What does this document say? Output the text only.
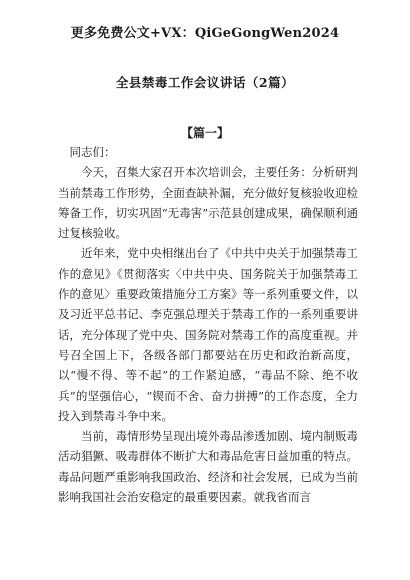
更多免费公文+VX：QiGeGongWen2024
全县禁毒工作会议讲话（2篇）
【篇一】

同志们：

今天，召集大家召开本次培训会，主要任务：分析研判当前禁毒工作形势，全面查缺补漏，充分做好复核验收迎检筹备工作，切实巩固“无毒害”示范县创建成果，确保顺利通过复核验收。

近年来，党中央相继出台了《中共中央关于加强禁毒工作的意见》《贯彻落实〈中共中央、国务院关于加强禁毒工作的意见〉重要政策措施分工方案》等一系列重要文件，以及习近平总书记、李克强总理关于禁毒工作的一系列重要讲话，充分体现了党中央、国务院对禁毒工作的高度重视。并号召全国上下，各级各部门都要站在历史和政治新高度，以“慢不得、等不起”的工作紧迫感，“毒品不除、绝不收兵”的坚强信心，“锲而不舍、奋力拼搏”的工作态度，全力投入到禁毒斗争中来。

当前，毒情形势呈现出境外毒品渗透加剧、境内制贩毒活动猖獗、吸毒群体不断扩大和毒品危害日益加重的特点。毒品问题严重影响我国政治、经济和社会发展，已成为当前影响我国社会治安稳定的最重要因素。就我省而言
